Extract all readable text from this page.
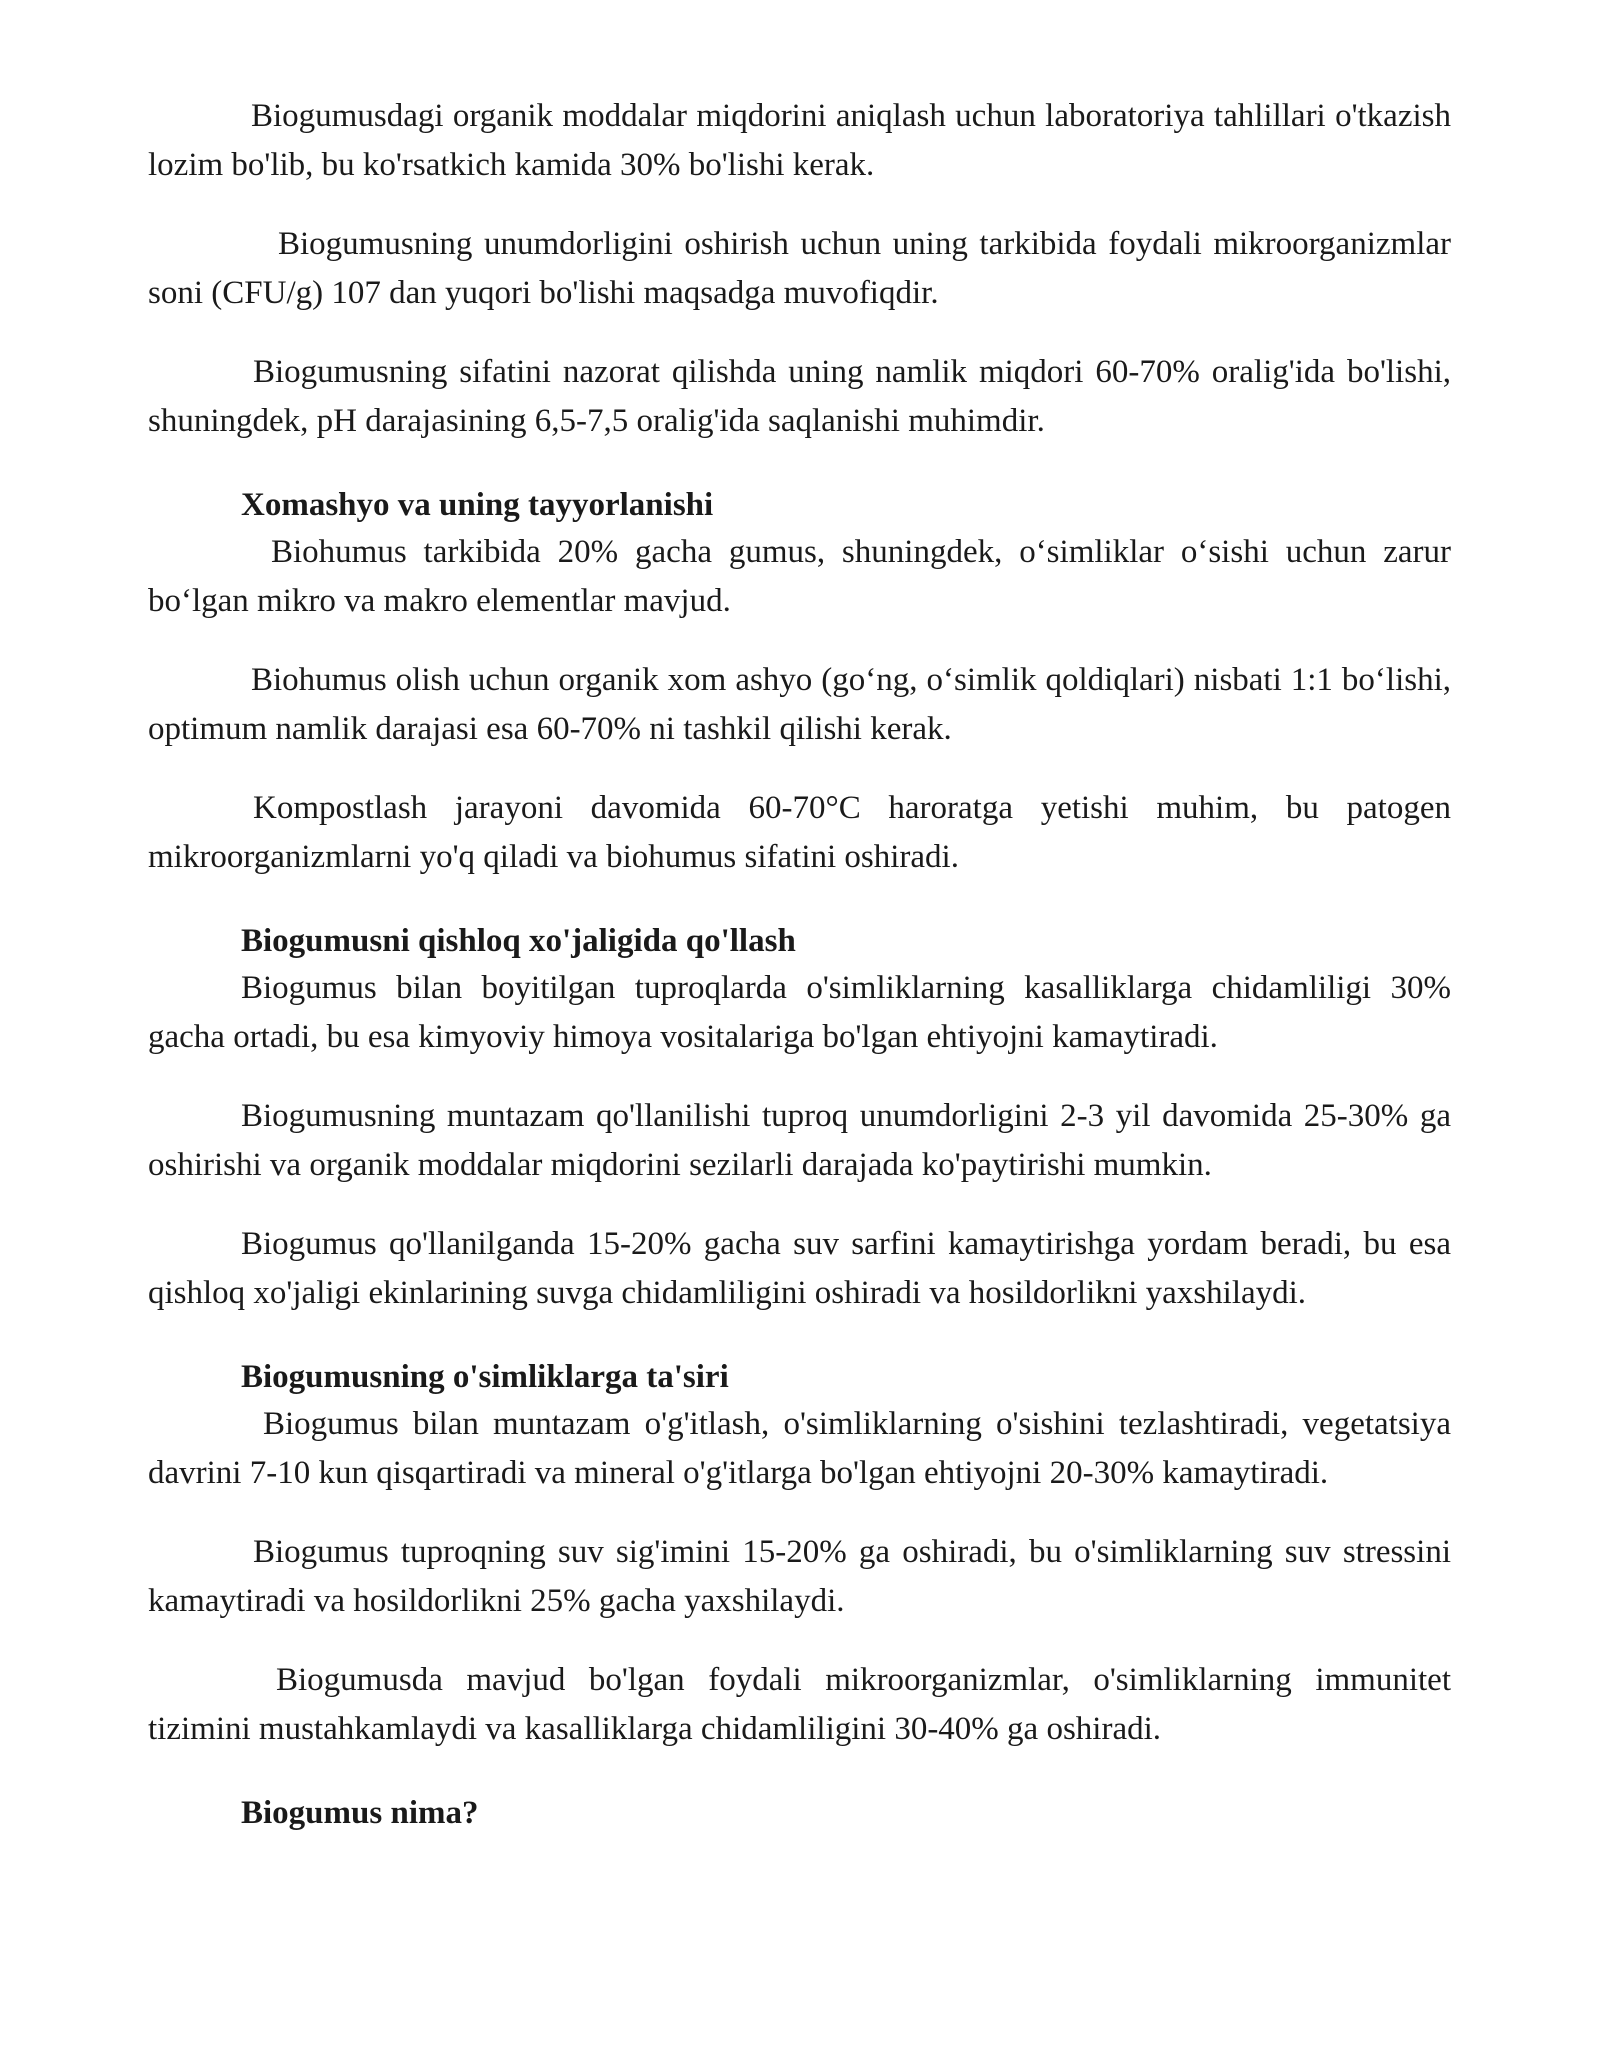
Biogumusdagi organik moddalar miqdorini aniqlash uchun laboratoriya tahlillari o'tkazish lozim bo'lib, bu ko'rsatkich kamida 30% bo'lishi kerak.

Biogumusning unumdorligini oshirish uchun uning tarkibida foydali mikroorganizmlar soni (CFU/g) 107 dan yuqori bo'lishi maqsadga muvofiqdir.

Biogumusning sifatini nazorat qilishda uning namlik miqdori 60-70% oralig'ida bo'lishi, shuningdek, pH darajasining 6,5-7,5 oralig'ida saqlanishi muhimdir.

Xomashyo va uning tayyorlanishi

Biohumus tarkibida 20% gacha gumus, shuningdek, o‘simliklar o‘sishi uchun zarur bo‘lgan mikro va makro elementlar mavjud.

Biohumus olish uchun organik xom ashyo (go‘ng, o‘simlik qoldiqlari) nisbati 1:1 bo‘lishi, optimum namlik darajasi esa 60-70% ni tashkil qilishi kerak.

Kompostlash jarayoni davomida 60-70°C haroratga yetishi muhim, bu patogen mikroorganizmlarni yo'q qiladi va biohumus sifatini oshiradi.

Biogumusni qishloq xo'jaligida qo'llash

Biogumus bilan boyitilgan tuproqlarda o'simliklarning kasalliklarga chidamliligi 30% gacha ortadi, bu esa kimyoviy himoya vositalariga bo'lgan ehtiyojni kamaytiradi.

Biogumusning muntazam qo'llanilishi tuproq unumdorligini 2-3 yil davomida 25-30% ga oshirishi va organik moddalar miqdorini sezilarli darajada ko'paytirishi mumkin.

Biogumus qo'llanilganda 15-20% gacha suv sarfini kamaytirishga yordam beradi, bu esa qishloq xo'jaligi ekinlarining suvga chidamliligini oshiradi va hosildorlikni yaxshilaydi.

Biogumusning o'simliklarga ta'siri

Biogumus bilan muntazam o'g'itlash, o'simliklarning o'sishini tezlashtiradi, vegetatsiya davrini 7-10 kun qisqartiradi va mineral o'g'itlarga bo'lgan ehtiyojni 20-30% kamaytiradi.

Biogumus tuproqning suv sig'imini 15-20% ga oshiradi, bu o'simliklarning suv stressini kamaytiradi va hosildorlikni 25% gacha yaxshilaydi.

Biogumusda mavjud bo'lgan foydali mikroorganizmlar, o'simliklarning immunitet tizimini mustahkamlaydi va kasalliklarga chidamliligini 30-40% ga oshiradi.

Biogumus nima?
